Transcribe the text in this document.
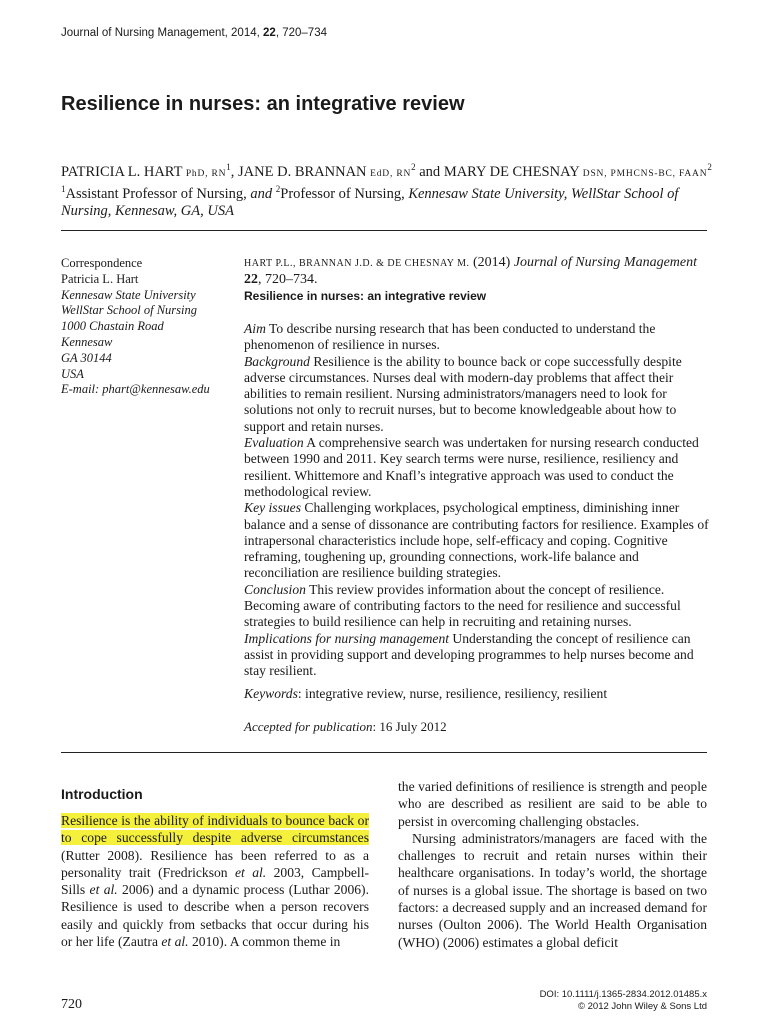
Journal of Nursing Management, 2014, 22, 720–734
Resilience in nurses: an integrative review
PATRICIA L. HART PhD, $RN^1$, JANE D. BRANNAN EdD, $RN^2$ and MARY DE CHESNAY DSN, PMHCNS-BC, FAAN$^2$
$^1$Assistant Professor of Nursing, and $^2$Professor of Nursing, Kennesaw State University, WellStar School of Nursing, Kennesaw, GA, USA
Correspondence
Patricia L. Hart
Kennesaw State University
WellStar School of Nursing
1000 Chastain Road
Kennesaw
GA 30144
USA
E-mail: phart@kennesaw.edu
HART P.L., BRANNAN J.D. & DE CHESNAY M. (2014) Journal of Nursing Management
22, 720–734.
Resilience in nurses: an integrative review

Aim To describe nursing research that has been conducted to understand the phenomenon of resilience in nurses.

Background Resilience is the ability to bounce back or cope successfully despite adverse circumstances. Nurses deal with modern-day problems that affect their abilities to remain resilient. Nursing administrators/managers need to look for solutions not only to recruit nurses, but to become knowledgeable about how to support and retain nurses.

Evaluation A comprehensive search was undertaken for nursing research conducted between 1990 and 2011. Key search terms were nurse, resilience, resiliency and resilient. Whittemore and Knafl’s integrative approach was used to conduct the methodological review.

Key issues Challenging workplaces, psychological emptiness, diminishing inner balance and a sense of dissonance are contributing factors for resilience. Examples of intrapersonal characteristics include hope, self-efficacy and coping. Cognitive reframing, toughening up, grounding connections, work-life balance and reconciliation are resilience building strategies.

Conclusion This review provides information about the concept of resilience. Becoming aware of contributing factors to the need for resilience and successful strategies to build resilience can help in recruiting and retaining nurses.

Implications for nursing management Understanding the concept of resilience can assist in providing support and developing programmes to help nurses become and stay resilient.

Keywords: integrative review, nurse, resilience, resiliency, resilient
Accepted for publication: 16 July 2012
Introduction

Resilience is the ability of individuals to bounce back or to cope successfully despite adverse circumstances (Rutter 2008). Resilience has been referred to as a personality trait (Fredrickson et al. 2003, Campbell-Sills et al. 2006) and a dynamic process (Luthar 2006). Resilience is used to describe when a person recovers easily and quickly from setbacks that occur during his or her life (Zautra et al. 2010). A common theme in

the varied definitions of resilience is strength and people who are described as resilient are said to be able to persist in overcoming challenging obstacles.

Nursing administrators/managers are faced with the challenges to recruit and retain nurses within their healthcare organisations. In today’s world, the shortage of nurses is a global issue. The shortage is based on two factors: a decreased supply and an increased demand for nurses (Oulton 2006). The World Health Organisation (WHO) (2006) estimates a global deficit

720
DOI: 10.1111/j.1365-2834.2012.01485.x
© 2012 John Wiley & Sons Ltd
